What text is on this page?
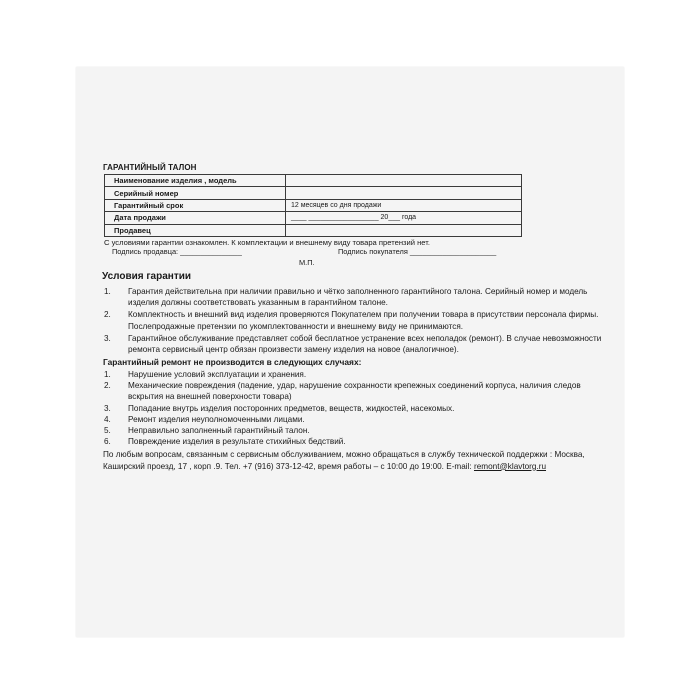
ГАРАНТИЙНЫЙ ТАЛОН
Наименование изделия , модель	
Серийный номер	
Гарантийный срок	12 месяцев со дня продажи
Дата продажи	____ __________________ 20___ года
Продавец	
С условиями гарантии ознакомлен. К комплектации и внешнему виду товара претензий нет.
Подпись продавца: _______________	Подпись покупателя _____________________
М.П.
Условия гарантии
1.	Гарантия действительна при наличии правильно и чётко заполненного гарантийного талона. Серийный номер и модель изделия должны соответствовать указанным в гарантийном талоне.
2.	Комплектность и внешний вид изделия проверяются Покупателем при получении товара в присутствии персонала фирмы. Послепродажные претензии по укомплектованности и внешнему виду не принимаются.
3.	Гарантийное обслуживание представляет собой бесплатное устранение всех неполадок (ремонт). В случае невозможности ремонта сервисный центр обязан произвести замену изделия на новое (аналогичное).
Гарантийный ремонт не производится в следующих случаях:
1.	Нарушение условий эксплуатации и хранения.
2.	Механические повреждения (падение, удар, нарушение сохранности крепежных соединений корпуса, наличия следов вскрытия на внешней поверхности товара)
3.	Попадание внутрь изделия посторонних предметов, веществ, жидкостей, насекомых.
4.	Ремонт изделия неуполномоченными лицами.
5.	Неправильно заполненный гарантийный талон.
6.	Повреждение изделия в результате стихийных бедствий.
По любым вопросам, связанным с сервисным обслуживанием, можно обращаться в службу технической поддержки : Москва, Каширский проезд, 17 , корп .9. Тел. +7 (916) 373-12-42, время работы – с 10:00 до 19:00. E-mail: remont@klavtorg.ru
